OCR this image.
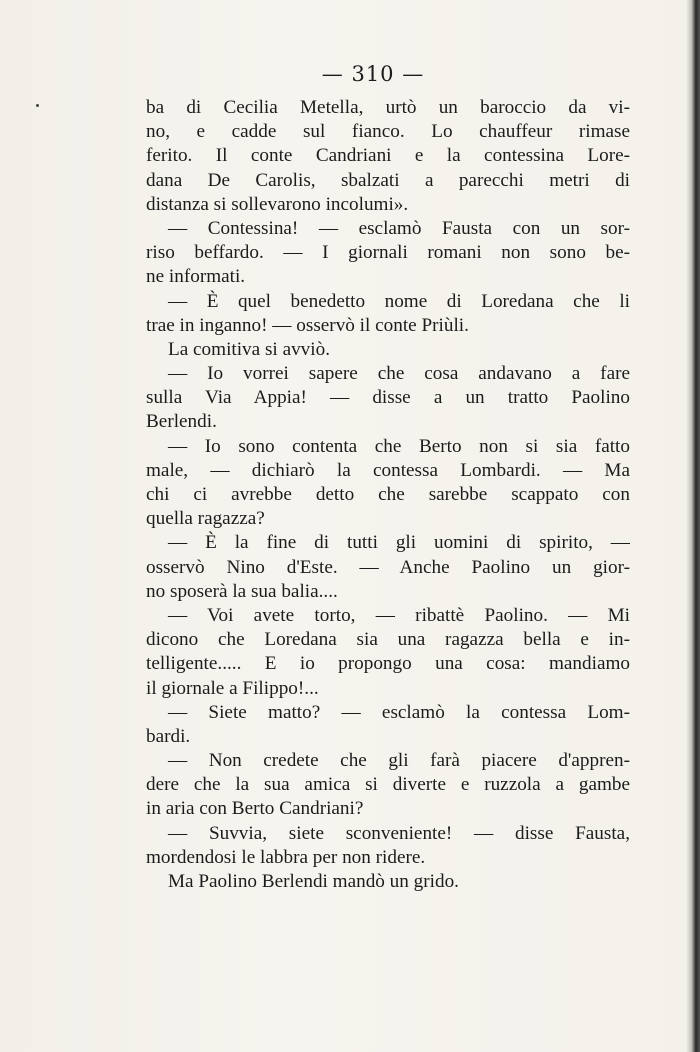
— 310 —
ba di Cecilia Metella, urtò un baroccio da vi-
no, e cadde sul fianco. Lo chauffeur rimase
ferito. Il conte Candriani e la contessina Lore-
dana De Carolis, sbalzati a parecchi metri di
distanza si sollevarono incolumi».
— Contessina! — esclamò Fausta con un sor-
riso beffardo. — I giornali romani non sono be-
ne informati.
— È quel benedetto nome di Loredana che li
trae in inganno! — osservò il conte Priùli.
La comitiva si avviò.
— Io vorrei sapere che cosa andavano a fare
sulla Via Appia! — disse a un tratto Paolino
Berlendi.
— Io sono contenta che Berto non si sia fatto
male, — dichiarò la contessa Lombardi. — Ma
chi ci avrebbe detto che sarebbe scappato con
quella ragazza?
— È la fine di tutti gli uomini di spirito, —
osservò Nino d'Este. — Anche Paolino un gior-
no sposerà la sua balia....
— Voi avete torto, — ribattè Paolino. — Mi
dicono che Loredana sia una ragazza bella e in-
telligente..... E io propongo una cosa: mandiamo
il giornale a Filippo!...
— Siete matto? — esclamò la contessa Lom-
bardi.
— Non credete che gli farà piacere d'appren-
dere che la sua amica si diverte e ruzzola a gambe
in aria con Berto Candriani?
— Suvvia, siete sconveniente! — disse Fausta,
mordendosi le labbra per non ridere.
Ma Paolino Berlendi mandò un grido.
